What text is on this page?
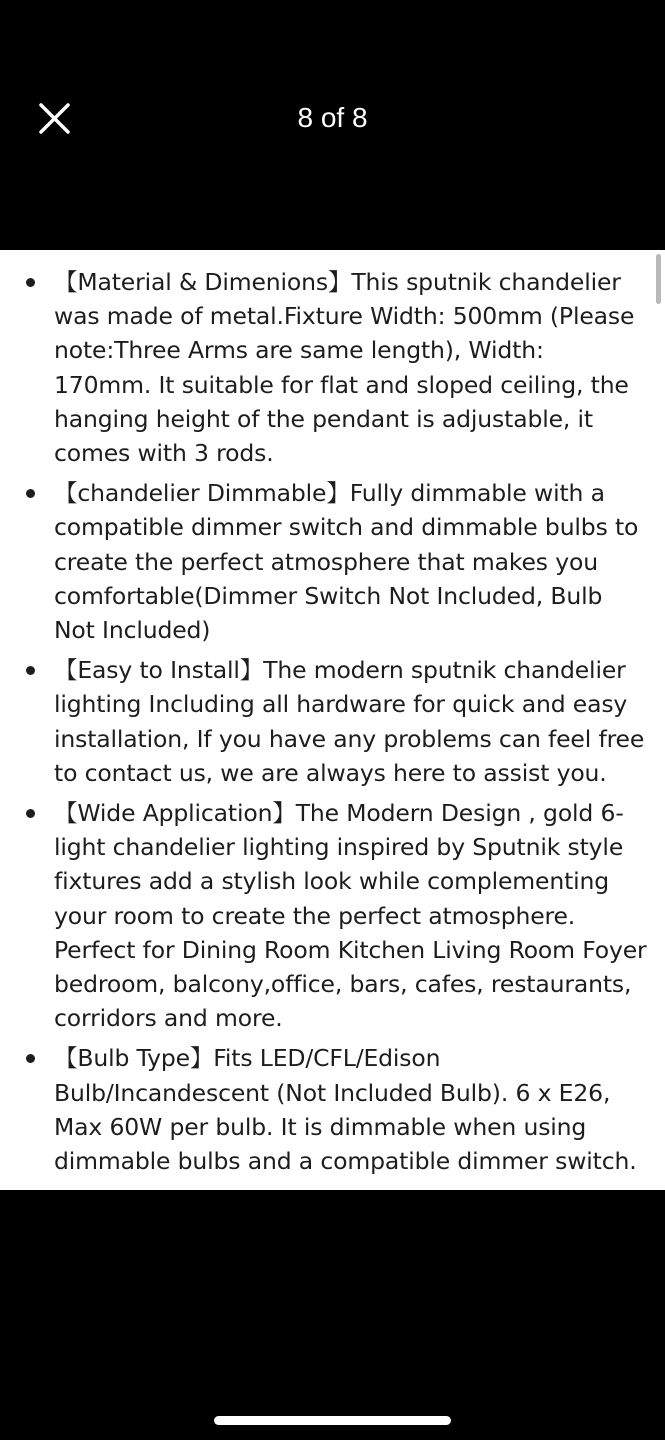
8 of 8
【Material & Dimenions】This sputnik chandelier was made of metal.Fixture Width: 500mm (Please note:Three Arms are same length), Width: 170mm. It suitable for flat and sloped ceiling, the hanging height of the pendant is adjustable, it comes with 3 rods.
【chandelier Dimmable】Fully dimmable with a compatible dimmer switch and dimmable bulbs to create the perfect atmosphere that makes you comfortable(Dimmer Switch Not Included, Bulb Not Included)
【Easy to Install】The modern sputnik chandelier lighting Including all hardware for quick and easy installation, If you have any problems can feel free to contact us, we are always here to assist you.
【Wide Application】The Modern Design , gold 6-light chandelier lighting inspired by Sputnik style fixtures add a stylish look while complementing your room to create the perfect atmosphere. Perfect for Dining Room Kitchen Living Room Foyer bedroom, balcony,office, bars, cafes, restaurants, corridors and more.
【Bulb Type】Fits LED/CFL/Edison Bulb/Incandescent (Not Included Bulb). 6 x E26, Max 60W per bulb. It is dimmable when using dimmable bulbs and a compatible dimmer switch.
